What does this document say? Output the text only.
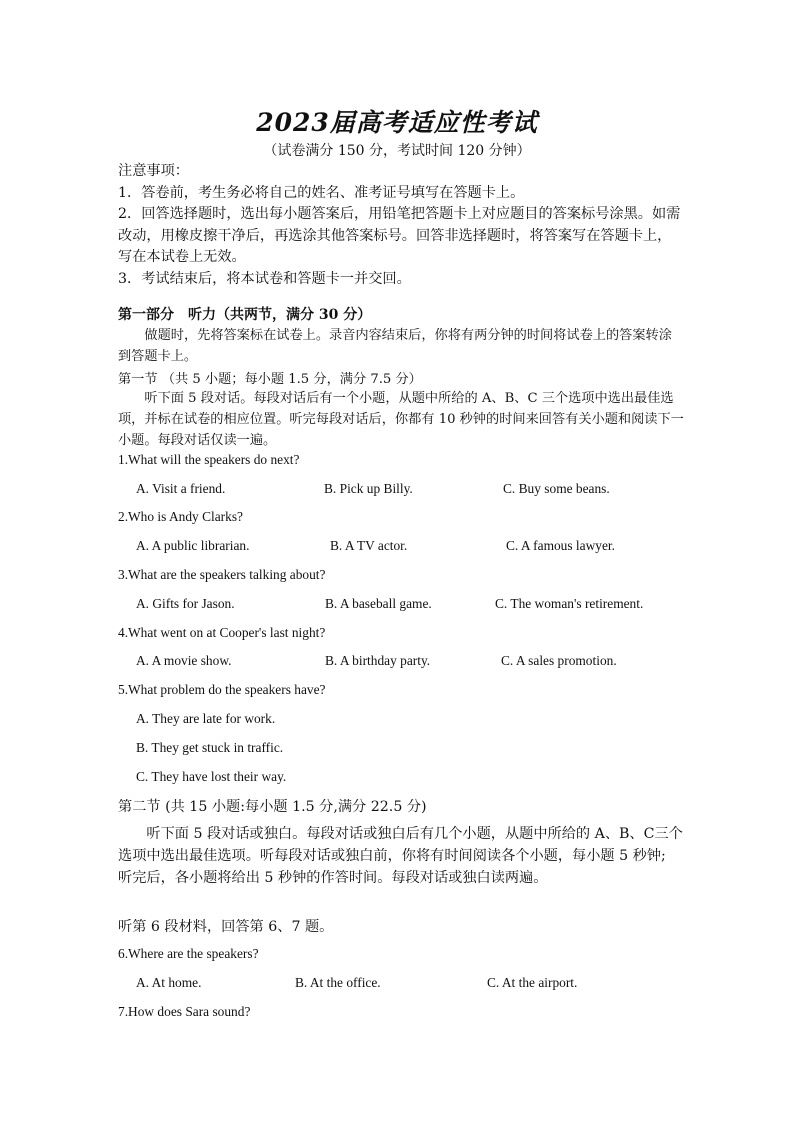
2023届高考适应性考试
（试卷满分 150 分，考试时间 120 分钟）
注意事项：
1．答卷前，考生务必将自己的姓名、准考证号填写在答题卡上。
2．回答选择题时，选出每小题答案后，用铅笔把答题卡上对应题目的答案标号涂黑。如需改动，用橡皮擦干净后，再选涂其他答案标号。回答非选择题时，将答案写在答题卡上，写在本试卷上无效。
3．考试结束后，将本试卷和答题卡一并交回。
第一部分　听力（共两节，满分 30 分）
做题时，先将答案标在试卷上。录音内容结束后，你将有两分钟的时间将试卷上的答案转涂到答题卡上。
第一节 （共 5 小题；每小题 1.5 分，满分 7.5 分）
听下面 5 段对话。每段对话后有一个小题，从题中所给的 A、B、C 三个选项中选出最佳选项，并标在试卷的相应位置。听完每段对话后，你都有 10 秒钟的时间来回答有关小题和阅读下一小题。每段对话仅读一遍。
1.What will the speakers do next?
A. Visit a friend.	B. Pick up Billy.	C. Buy some beans.
2.Who is Andy Clarks?
A. A public librarian.	B. A TV actor.	C. A famous lawyer.
3.What are the speakers talking about?
A. Gifts for Jason.	B. A baseball game.	C. The woman's retirement.
4.What went on at Cooper's last night?
A. A movie show.	B. A birthday party.	C. A sales promotion.
5.What problem do the speakers have?
A. They are late for work.
B. They get stuck in traffic.
C. They have lost their way.
第二节 (共 15 小题:每小题 1.5 分,满分 22.5 分)
听下面 5 段对话或独白。每段对话或独白后有几个小题，从题中所给的 A、B、C三个选项中选出最佳选项。听每段对话或独白前，你将有时间阅读各个小题，每小题 5 秒钟; 听完后，各小题将给出 5 秒钟的作答时间。每段对话或独白读两遍。
听第 6 段材料，回答第 6、7 题。
6.Where are the speakers?
A. At home.	B. At the office.	C. At the airport.
7.How does Sara sound?
